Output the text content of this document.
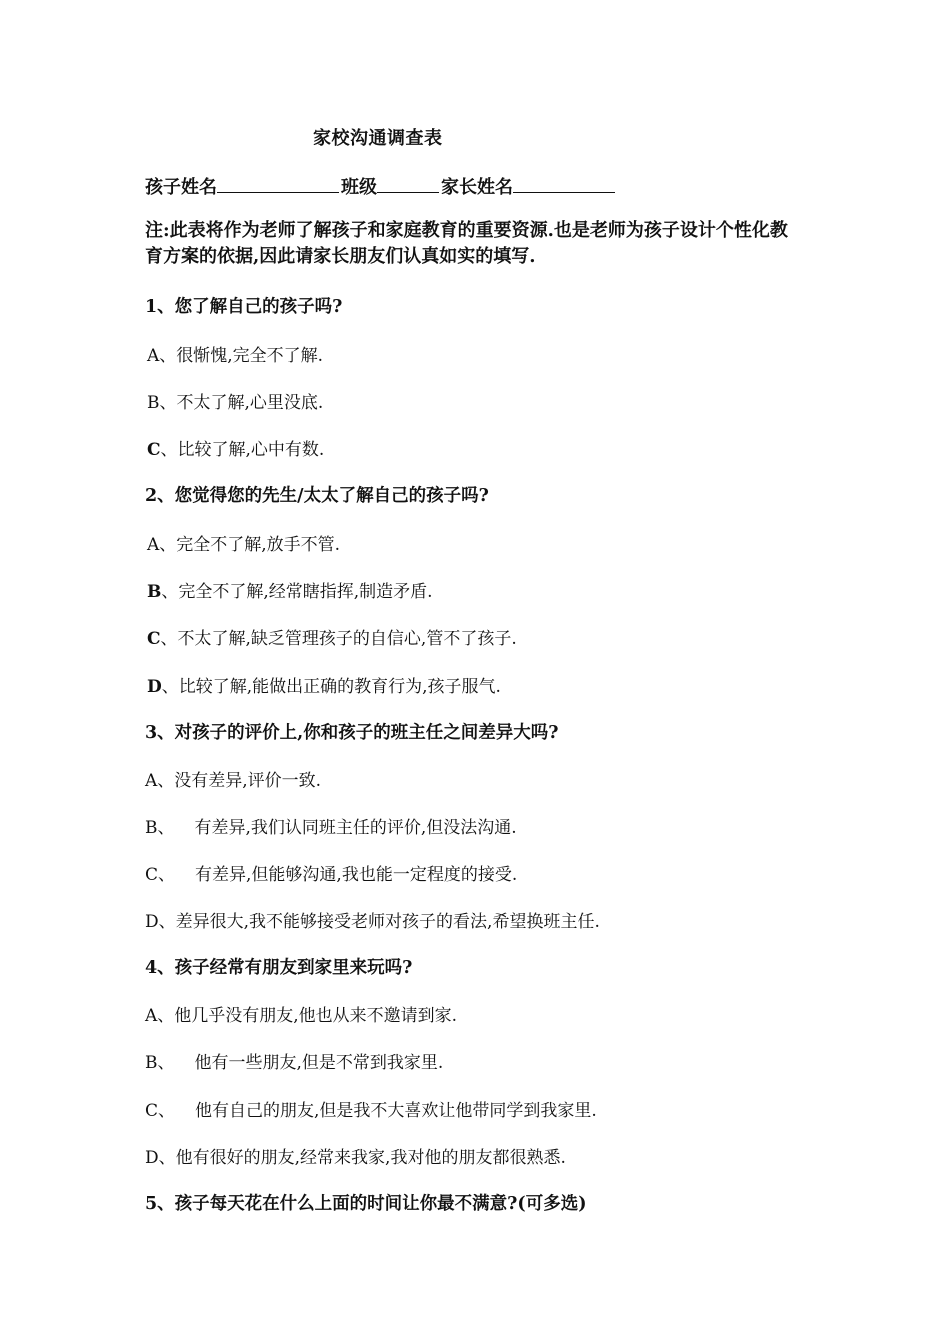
家校沟通调查表
孩子姓名	班级	家长姓名
注:此表将作为老师了解孩子和家庭教育的重要资源.也是老师为孩子设计个性化教育方案的依据,因此请家长朋友们认真如实的填写.
1、您了解自己的孩子吗?
A、很惭愧,完全不了解.
B、不太了解,心里没底.
C、比较了解,心中有数.
2、您觉得您的先生/太太了解自己的孩子吗?
A、完全不了解,放手不管.
B、完全不了解,经常瞎指挥,制造矛盾.
C、不太了解,缺乏管理孩子的自信心,管不了孩子.
D、比较了解,能做出正确的教育行为,孩子服气.
3、对孩子的评价上,你和孩子的班主任之间差异大吗?
A、没有差异,评价一致.
B、 有差异,我们认同班主任的评价,但没法沟通.
C、 有差异,但能够沟通,我也能一定程度的接受.
D、差异很大,我不能够接受老师对孩子的看法,希望换班主任.
4、孩子经常有朋友到家里来玩吗?
A、他几乎没有朋友,他也从来不邀请到家.
B、 他有一些朋友,但是不常到我家里.
C、 他有自己的朋友,但是我不大喜欢让他带同学到我家里.
D、他有很好的朋友,经常来我家,我对他的朋友都很熟悉.
5、孩子每天花在什么上面的时间让你最不满意?(可多选)
